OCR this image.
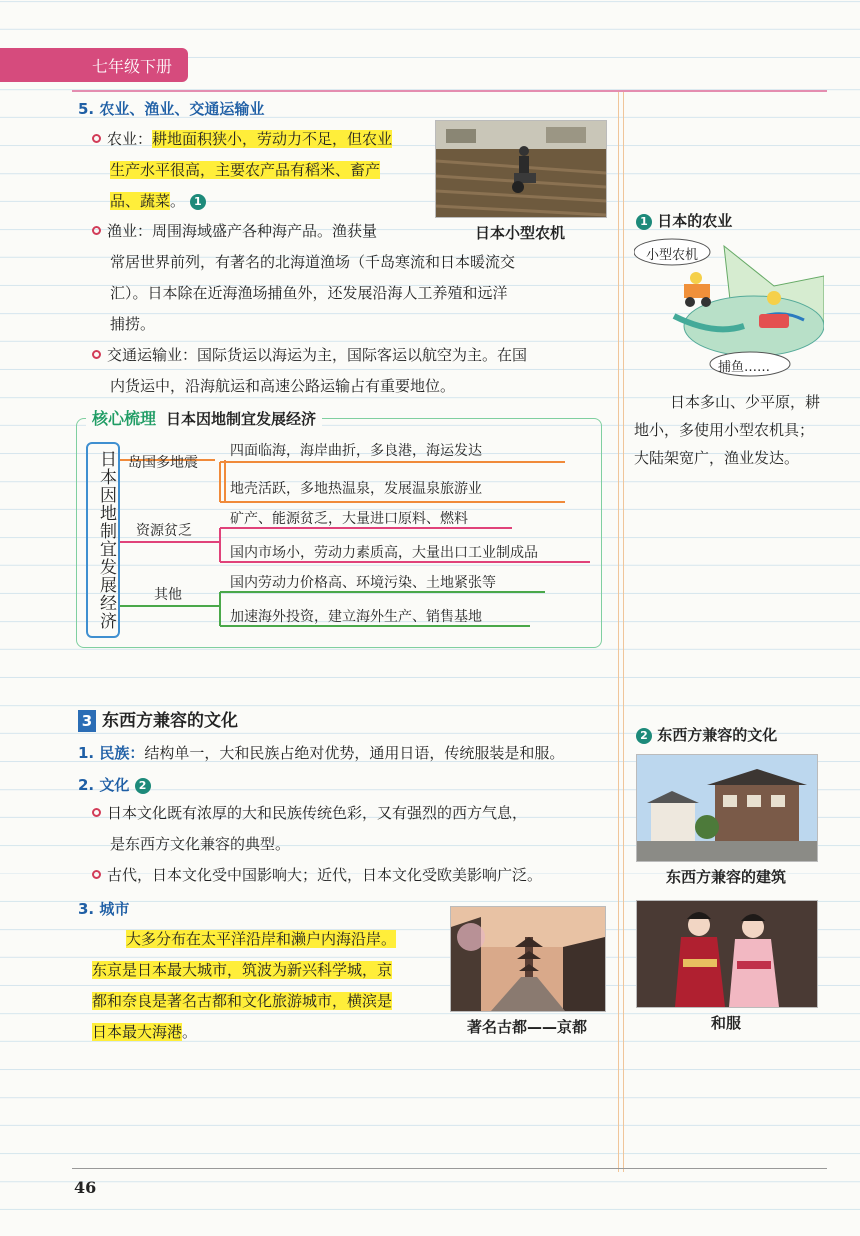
七年级下册
5. 农业、渔业、交通运输业
农业：耕地面积狭小，劳动力不足，但农业
生产水平很高，主要农产品有稻米、畜产
品、蔬菜。 1
日本小型农机
渔业：周围海域盛产各种海产品。渔获量
常居世界前列，有著名的北海道渔场（千岛寒流和日本暖流交
汇）。日本除在近海渔场捕鱼外，还发展沿海人工养殖和远洋
捕捞。
交通运输业：国际货运以海运为主，国际客运以航空为主。在国
内货运中，沿海航运和高速公路运输占有重要地位。
核心梳理 日本因地制宜发展经济
日本因地制宜发展经济 岛国多地震
四面临海，海岸曲折，多良港，海运发达
地壳活跃，多地热温泉，发展温泉旅游业
资源贫乏
矿产、能源贫乏，大量进口原料、燃料
国内市场小，劳动力素质高，大量出口工业制成品
其他
国内劳动力价格高、环境污染、土地紧张等
加速海外投资，建立海外生产、销售基地
3 东西方兼容的文化
1. 民族：结构单一，大和民族占绝对优势，通用日语，传统服装是和服。
2. 文化 2
日本文化既有浓厚的大和民族传统色彩，又有强烈的西方气息，
是东西方文化兼容的典型。
古代，日本文化受中国影响大；近代，日本文化受欧美影响广泛。
3. 城市
大多分布在太平洋沿岸和濑户内海沿岸。
东京是日本最大城市，筑波为新兴科学城，京
都和奈良是著名古都和文化旅游城市，横滨是
日本最大海港。	著名古都——京都
1 日本的农业
小型农机
捕鱼……
日本多山、少平原，耕
地小，多使用小型农机具；
大陆架宽广，渔业发达。
2 东西方兼容的文化
东西方兼容的建筑
和服
46
